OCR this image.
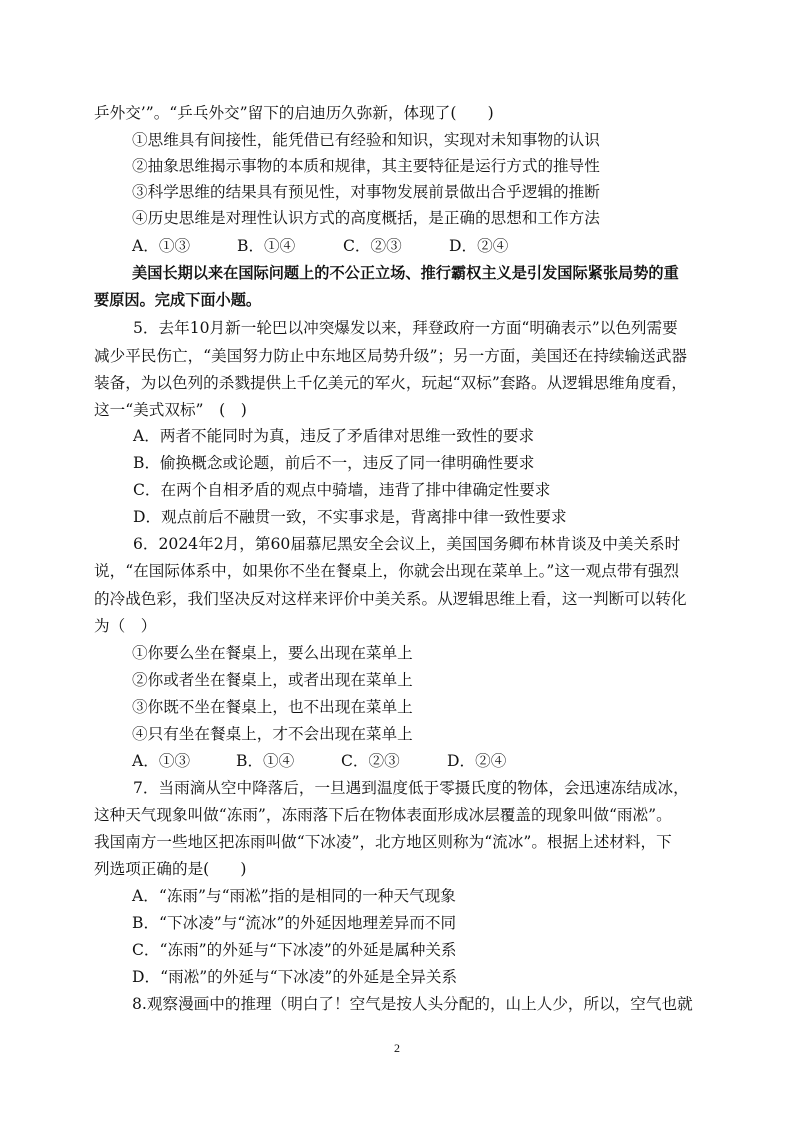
乒外交’”。“乒乓外交”留下的启迪历久弥新，体现了(　　)
①思维具有间接性，能凭借已有经验和知识，实现对未知事物的认识
②抽象思维揭示事物的本质和规律，其主要特征是运行方式的推导性
③科学思维的结果具有预见性，对事物发展前景做出合乎逻辑的推断
④历史思维是对理性认识方式的高度概括，是正确的思想和工作方法
A．①③	B．①④	C．②③	D．②④
美国长期以来在国际问题上的不公正立场、推行霸权主义是引发国际紧张局势的重
要原因。完成下面小题。
5．去年10月新一轮巴以冲突爆发以来，拜登政府一方面“明确表示”以色列需要
减少平民伤亡，“美国努力防止中东地区局势升级”；另一方面，美国还在持续输送武器
装备，为以色列的杀戮提供上千亿美元的军火，玩起“双标”套路。从逻辑思维角度看，
这一“美式双标”　(　)
A．两者不能同时为真，违反了矛盾律对思维一致性的要求
B．偷换概念或论题，前后不一，违反了同一律明确性要求
C．在两个自相矛盾的观点中骑墙，违背了排中律确定性要求
D．观点前后不融贯一致，不实事求是，背离排中律一致性要求
6．2024年2月，第60届慕尼黑安全会议上，美国国务卿布林肯谈及中美关系时
说，“在国际体系中，如果你不坐在餐桌上，你就会出现在菜单上。”这一观点带有强烈
的冷战色彩，我们坚决反对这样来评价中美关系。从逻辑思维上看，这一判断可以转化
为（　）
①你要么坐在餐桌上，要么出现在菜单上
②你或者坐在餐桌上，或者出现在菜单上
③你既不坐在餐桌上，也不出现在菜单上
④只有坐在餐桌上，才不会出现在菜单上
A．①③	B．①④	C．②③	D．②④
7．当雨滴从空中降落后，一旦遇到温度低于零摄氏度的物体，会迅速冻结成冰，
这种天气现象叫做“冻雨”，冻雨落下后在物体表面形成冰层覆盖的现象叫做“雨凇”。
我国南方一些地区把冻雨叫做“下冰凌”，北方地区则称为“流冰”。根据上述材料，下
列选项正确的是(　　)
A．“冻雨”与“雨凇”指的是相同的一种天气现象
B．“下冰凌”与“流冰”的外延因地理差异而不同
C．“冻雨”的外延与“下冰凌”的外延是属种关系
D．“雨凇”的外延与“下冰凌”的外延是全异关系
8.观察漫画中的推理（明白了！空气是按人头分配的，山上人少，所以，空气也就
2
